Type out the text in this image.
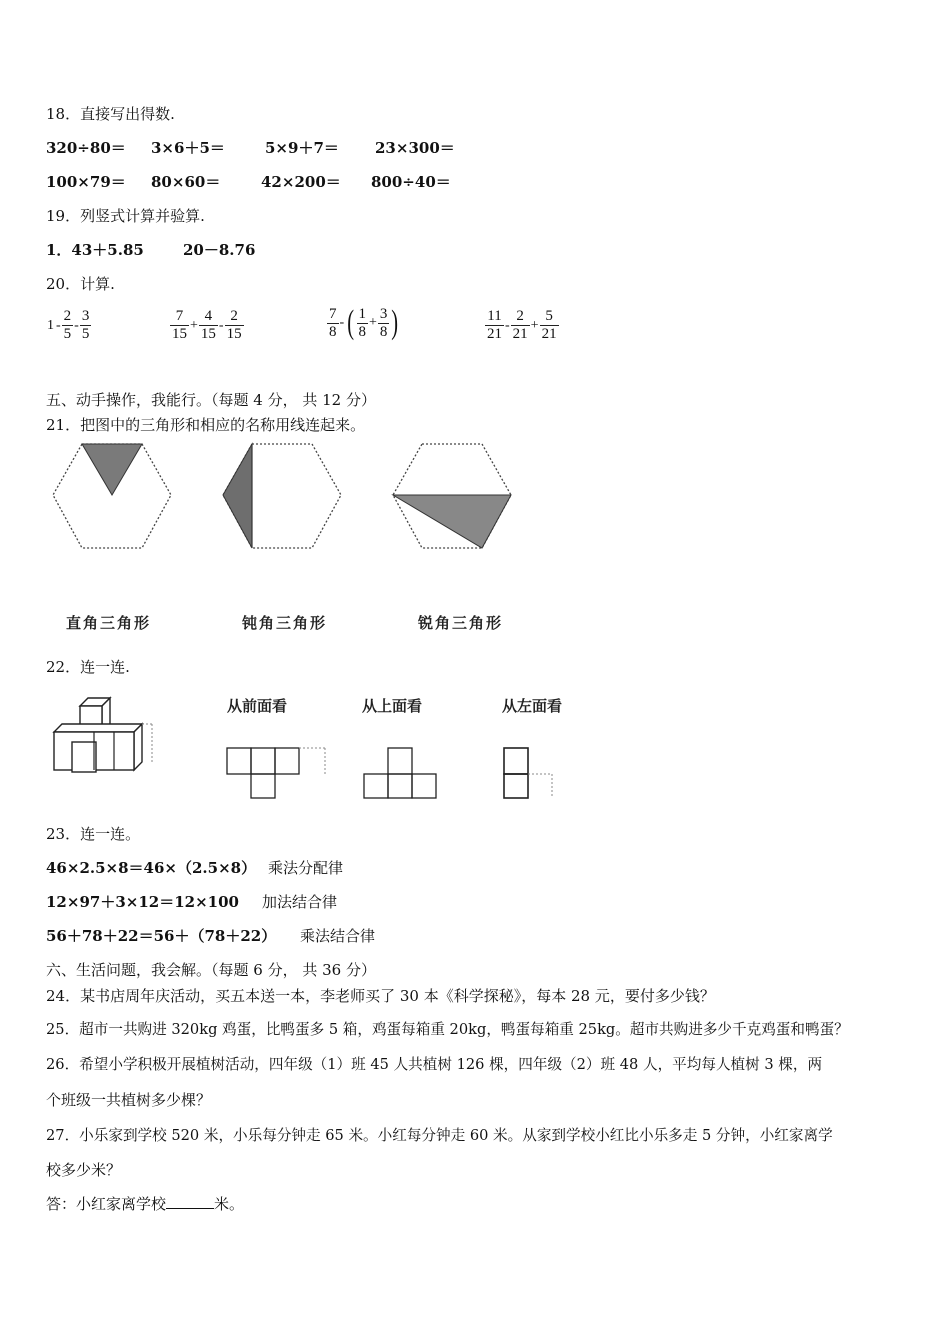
18．直接写出得数.
320÷80＝ 3×6＋5＝	5×9＋7＝ 23×300＝
100×79＝ 80×60＝	42×200＝ 800÷40＝
19．列竖式计算并验算.
1．43＋5.85	20－8.76
20．计算.
$1 - \frac{2}{5} - \frac{3}{5}$	$\frac{7}{15} + \frac{4}{15} - \frac{2}{15}$	$\frac{7}{8}$ -( $\frac{1}{8} + \frac{3}{8}$ )	$\frac{11}{21} - \frac{2}{21} + \frac{5}{21}$
五、动手操作，我能行。（每题 4 分， 共 12 分）
21．把图中的三角形和相应的名称用线连起来。
直角三角形	钝角三角形	锐角三角形
22．连一连.
从前面看	从上面看	从左面看
23．连一连。
46×2.5×8＝46×（2.5×8） 乘法分配律
12×97＋3×12＝12×100 加法结合律
56＋78＋22＝56＋（78＋22） 乘法结合律
六、生活问题，我会解。（每题 6 分， 共 36 分）
24．某书店周年庆活动，买五本送一本，李老师买了 30 本《科学探秘》，每本 28 元，要付多少钱？
25．超市一共购进 320kg 鸡蛋，比鸭蛋多 5 箱，鸡蛋每箱重 20kg，鸭蛋每箱重 25kg。超市共购进多少千克鸡蛋和鸭蛋？
26．希望小学积极开展植树活动，四年级（1）班 45 人共植树 126 棵，四年级（2）班 48 人，平均每人植树 3 棵，两
个班级一共植树多少棵？
27．小乐家到学校 520 米，小乐每分钟走 65 米。小红每分钟走 60 米。从家到学校小红比小乐多走 5 分钟，小红家离学
校多少米？
答：小红家离学校	米。
